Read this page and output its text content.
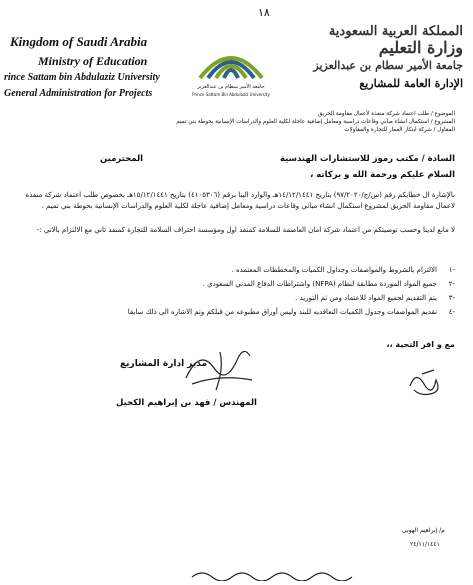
١٨
Kingdom of Saudi Arabia
Ministry of Education
rince Sattam bin Abdulaziz University
General Administration for Projects
جامعة الأمير سطام بن عبدالعزيز
Prince Sattam Bin Abdulaziz University
المملكة العربية السعودية
وزارة التعليم
جامعة الأمير سطام بن عبدالعزيز
الإدارة العامة للمشاريع
الموضوع / طلب اعتماد شركة منفذة لأعمال مقاومة الحريق
المشروع / استكمال انشاء مباني وقاعات دراسية ومعامل إضافية عاجلة لكلية العلوم والدراسات الإنسانية بحوطة بني تميم
المقاول / شركة ابتكار العمار للتجارة والمقاولات
السادة / مكتب رموز للاستشارات الهندسية
المحترمين
السلام عليكم ورحمة الله و بركاته ،
بالإشارة ال خطابكم رقم (س/ج/٩٧/٢٠٢٠) بتاريخ ١٤/١٢/١٤٤١هـ والوارد الينا برقم (٤١٠٥٣٠٦) بتاريخ ١٥/١٢/١٤٤١هـ بخصوص طلب اعتماد شركة منفذة لاعمال مقاومة الحريق لمشروع استكمال انشاء مباني وقاعات دراسية ومعامل إضافية عاجلة لكلية العلوم والدراسات الإنسانية بحوطة بني تميم .
لا مانع لدينا وحسب توصيتكم من اعتماد شركة امان العاصمة للسلامة كمنفذ اول ومؤسسة احتراف السلامة للتجارة كمنفذ ثاني مع الالتزام بالاتي :-
-١
الالتزام بالشروط والمواصفات وجداول الكميات والمخططات المعتمده .
-٢
جميع المواد الموردة مطابقة لنظام (NFPA) واشتراطات الدفاع المدني السعودي .
-٣
يتم التقديم لجميع المواد للاعتماد ومن ثم التوريد .
-٤
تقديم المواصفات وجدول الكميات التعاقديه للبند وليس أوراق مطبوعه من قبلكم وتم الاشاره الى ذلك سابقا
مع و افر التحية ،،
مدير ادارة المشاريع
المهندس / فهد بن إبراهيم الكحيل
م/ إبراهيم الهوبي
٢٤/١١/١٤٤١
